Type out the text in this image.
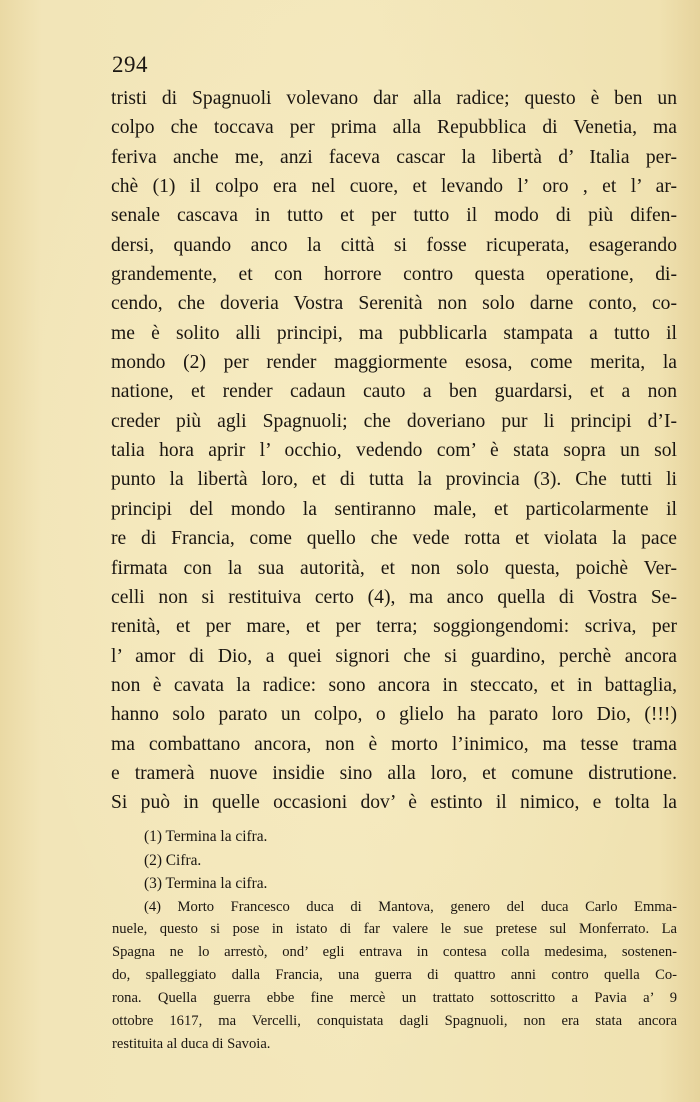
294
tristi di Spagnuoli volevano dar alla radice; questo è ben un
colpo che toccava per prima alla Repubblica di Venetia, ma
feriva anche me, anzi faceva cascar la libertà d’ Italia per-
chè (1) il colpo era nel cuore, et levando l’ oro , et l’ ar-
senale cascava in tutto et per tutto il modo di più difen-
dersi, quando anco la città si fosse ricuperata, esagerando
grandemente, et con horrore contro questa operatione, di-
cendo, che doveria Vostra Serenità non solo darne conto, co-
me è solito alli principi, ma pubblicarla stampata a tutto il
mondo (2) per render maggiormente esosa, come merita, la
natione, et render cadaun cauto a ben guardarsi, et a non
creder più agli Spagnuoli; che doveriano pur li principi d’I-
talia hora aprir l’ occhio, vedendo com’ è stata sopra un sol
punto la libertà loro, et di tutta la provincia (3). Che tutti li
principi del mondo la sentiranno male, et particolarmente il
re di Francia, come quello che vede rotta et violata la pace
firmata con la sua autorità, et non solo questa, poichè Ver-
celli non si restituiva certo (4), ma anco quella di Vostra Se-
renità, et per mare, et per terra; soggiongendomi: scriva, per
l’ amor di Dio, a quei signori che si guardino, perchè ancora
non è cavata la radice: sono ancora in steccato, et in battaglia,
hanno solo parato un colpo, o glielo ha parato loro Dio, (!!!)
ma combattano ancora, non è morto l’inimico, ma tesse trama
e tramerà nuove insidie sino alla loro, et comune distrutione.
Si può in quelle occasioni dov’ è estinto il nimico, e tolta la
(1) Termina la cifra.
(2) Cifra.
(3) Termina la cifra.
(4) Morto Francesco duca di Mantova, genero del duca Carlo Emma-
nuele, questo si pose in istato di far valere le sue pretese sul Monferrato. La
Spagna ne lo arrestò, ond’ egli entrava in contesa colla medesima, sostenen-
do, spalleggiato dalla Francia, una guerra di quattro anni contro quella Co-
rona. Quella guerra ebbe fine mercè un trattato sottoscritto a Pavia a’ 9
ottobre 1617, ma Vercelli, conquistata dagli Spagnuoli, non era stata ancora
restituita al duca di Savoia.
